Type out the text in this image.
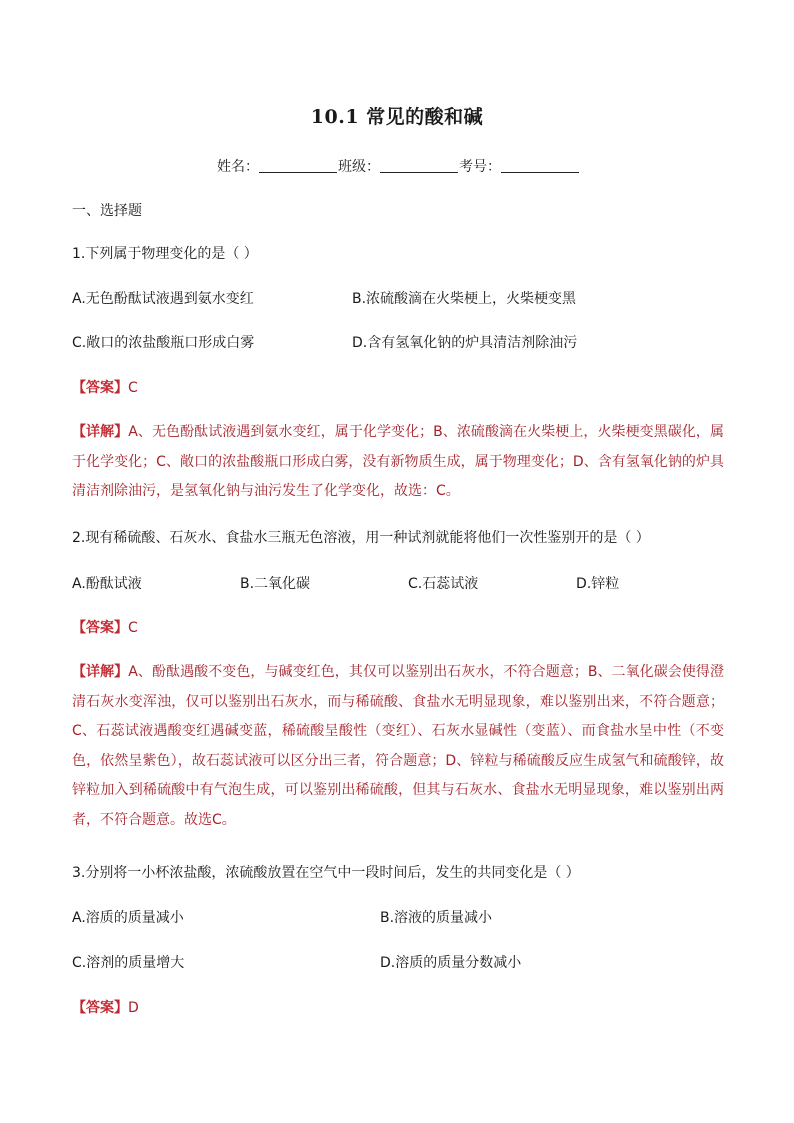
10.1 常见的酸和碱
姓名：	班级：	考号：
一、选择题
1.下列属于物理变化的是（ ）
A.无色酚酞试液遇到氨水变红	B.浓硫酸滴在火柴梗上，火柴梗变黑
C.敞口的浓盐酸瓶口形成白雾	D.含有氢氧化钠的炉具清洁剂除油污
【答案】C
【详解】A、无色酚酞试液遇到氨水变红，属于化学变化；B、浓硫酸滴在火柴梗上，火柴梗变黑碳化，属于化学变化；C、敞口的浓盐酸瓶口形成白雾，没有新物质生成，属于物理变化；D、含有氢氧化钠的炉具清洁剂除油污，是氢氧化钠与油污发生了化学变化，故选：C。
2.现有稀硫酸、石灰水、食盐水三瓶无色溶液，用一种试剂就能将他们一次性鉴别开的是（ ）
A.酚酞试液	B.二氧化碳	C.石蕊试液	D.锌粒
【答案】C
【详解】A、酚酞遇酸不变色，与碱变红色，其仅可以鉴别出石灰水，不符合题意；B、二氧化碳会使得澄清石灰水变浑浊，仅可以鉴别出石灰水，而与稀硫酸、食盐水无明显现象，难以鉴别出来，不符合题意；C、石蕊试液遇酸变红遇碱变蓝，稀硫酸呈酸性（变红）、石灰水显碱性（变蓝）、而食盐水呈中性（不变色，依然呈紫色），故石蕊试液可以区分出三者，符合题意；D、锌粒与稀硫酸反应生成氢气和硫酸锌，故锌粒加入到稀硫酸中有气泡生成，可以鉴别出稀硫酸，但其与石灰水、食盐水无明显现象，难以鉴别出两者，不符合题意。故选C。
3.分别将一小杯浓盐酸，浓硫酸放置在空气中一段时间后，发生的共同变化是（ ）
A.溶质的质量减小	B.溶液的质量减小
C.溶剂的质量增大	D.溶质的质量分数减小
【答案】D
